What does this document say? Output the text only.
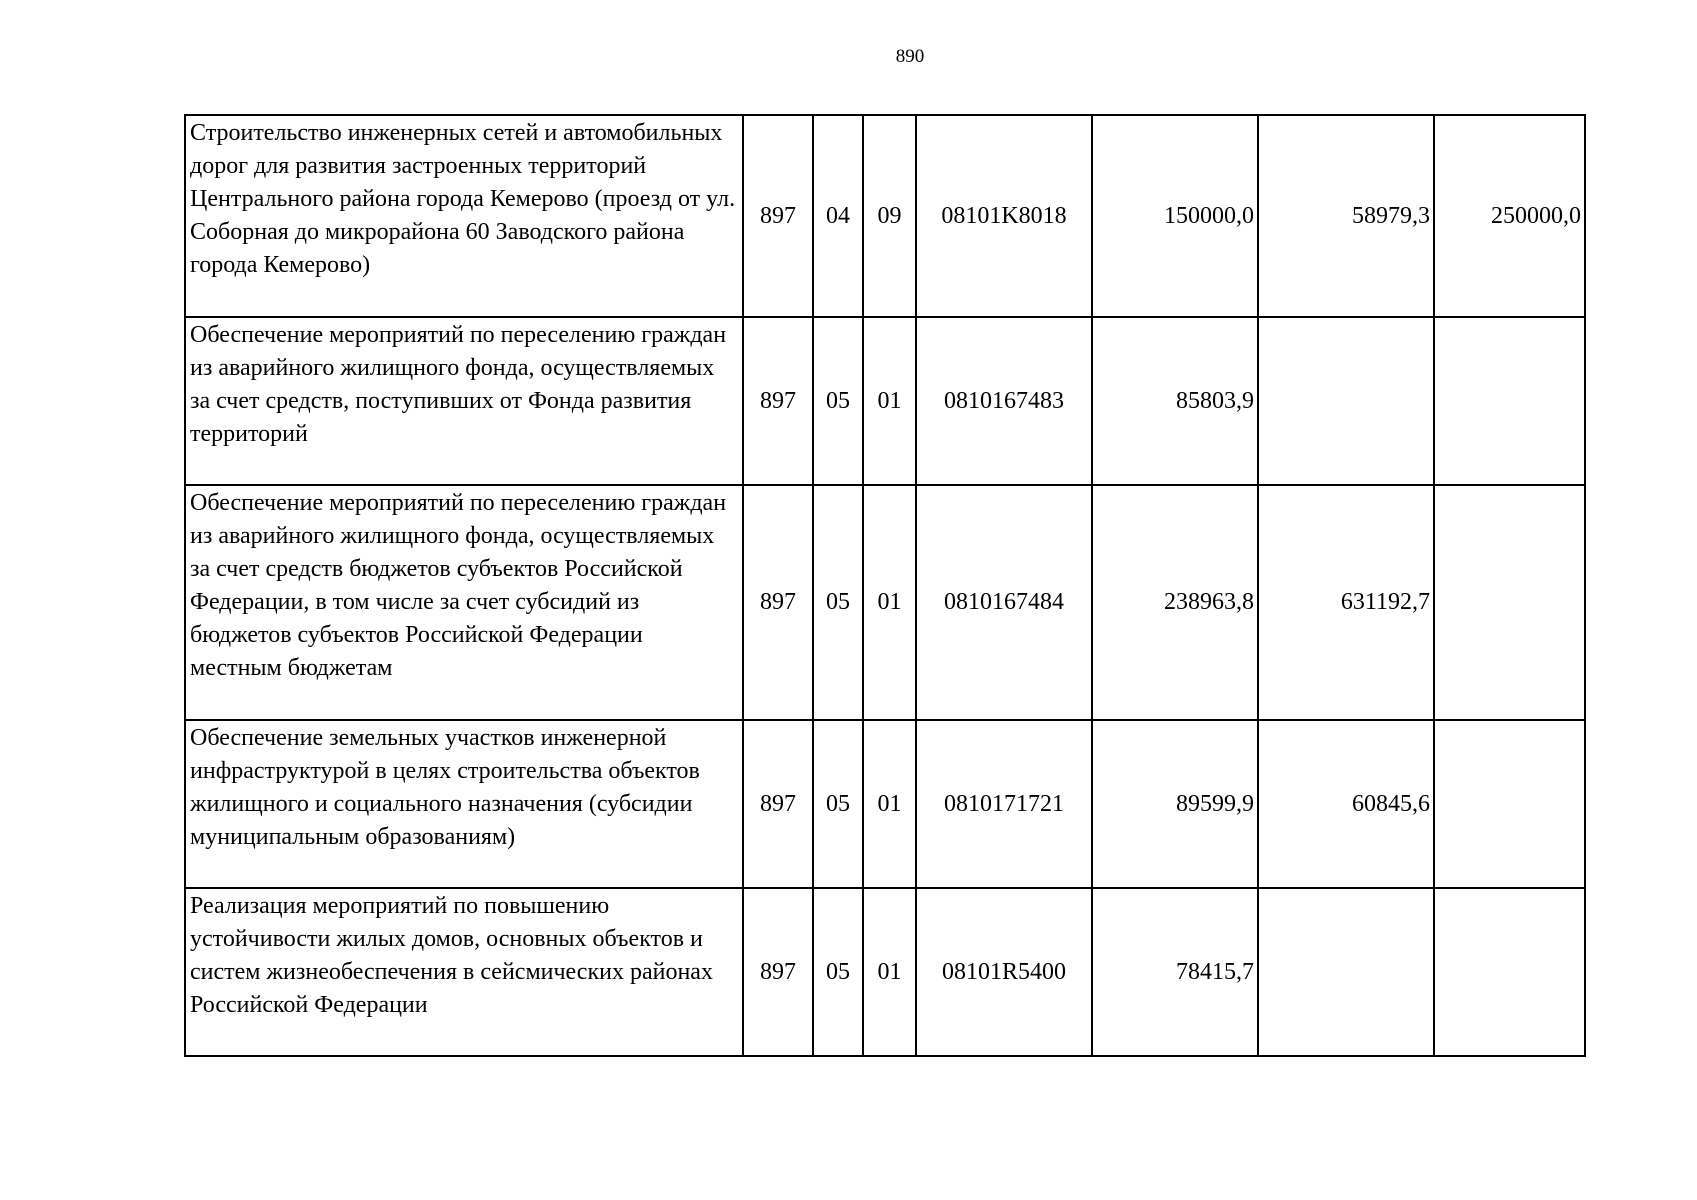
890
Строительство инженерных сетей и автомобильных дорог для развития застроенных территорий Центрального района города Кемерово (проезд от ул. Соборная до микрорайона 60 Заводского района города Кемерово)	897	04	09	08101K8018	150000,0	58979,3	250000,0
Обеспечение мероприятий по переселению граждан из аварийного жилищного фонда, осуществляемых за счет средств, поступивших от Фонда развития территорий	897	05	01	0810167483	85803,9		
Обеспечение мероприятий по переселению граждан из аварийного жилищного фонда, осуществляемых за счет средств бюджетов субъектов Российской Федерации, в том числе за счет субсидий из бюджетов субъектов Российской Федерации местным бюджетам	897	05	01	0810167484	238963,8	631192,7	
Обеспечение земельных участков инженерной инфраструктурой в целях строительства объектов жилищного и социального назначения (субсидии муниципальным образованиям)	897	05	01	0810171721	89599,9	60845,6	
Реализация мероприятий по повышению устойчивости жилых домов, основных объектов и систем жизнеобеспечения в сейсмических районах Российской Федерации	897	05	01	08101R5400	78415,7		
